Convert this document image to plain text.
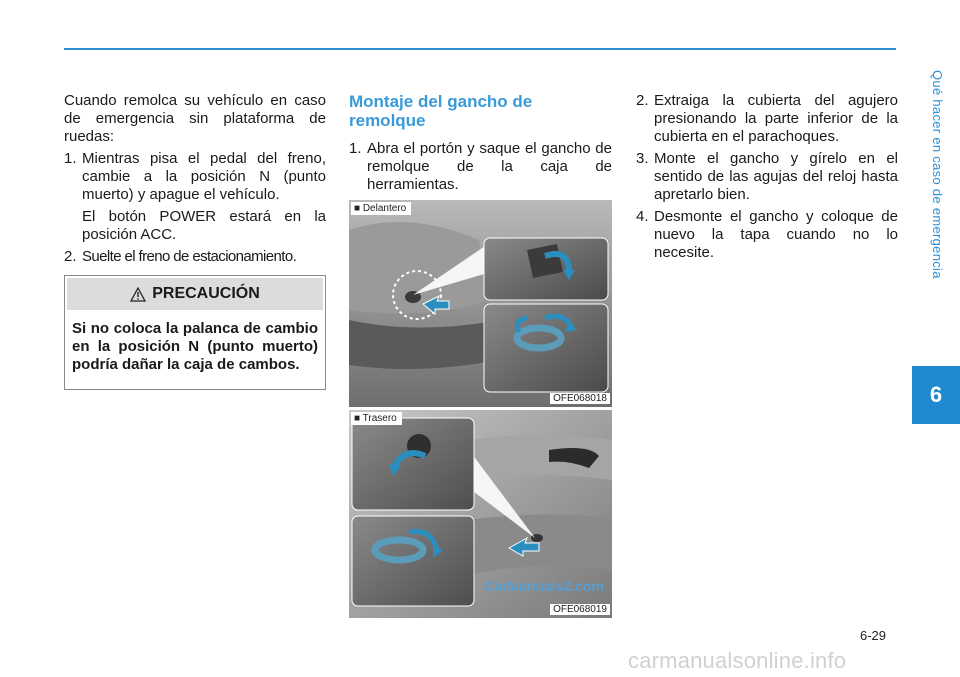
Qué hacer en caso de emergencia
6

Cuando remolca su vehículo en caso de emergencia sin plataforma de ruedas:

1. Mientras pisa el pedal del freno, cambie a la posición N (punto muerto) y apague el vehículo.

El botón POWER estará en la posición ACC.

2. Suelte el freno de estacionamiento.
PRECAUCIÓN
Si no coloca la palanca de cambio en la posición N (punto muerto) podría dañar la caja de cambos.
Montaje del gancho de remolque
1. Abra el portón y saque el gancho de remolque de la caja de herramientas.
■ Delantero
OFE068018
■ Trasero
OFE068019
CarManuals2.com
2. Extraiga la cubierta del agujero presionando la parte inferior de la cubierta en el parachoques.
3. Monte el gancho y gírelo en el sentido de las agujas del reloj hasta apretarlo bien.
4. Desmonte el gancho y coloque de nuevo la tapa cuando no lo necesite.
6-29
carmanualsonline.info
